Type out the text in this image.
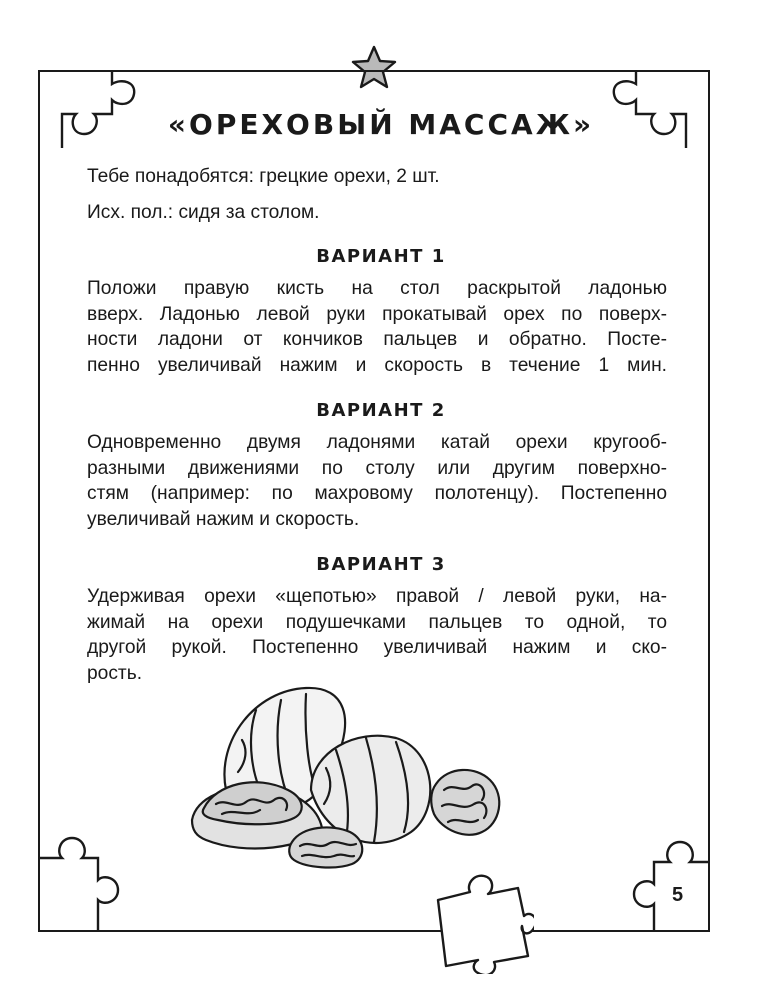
«ОРЕХОВЫЙ МАССАЖ»
Тебе понадобятся: грецкие орехи, 2 шт.
Исх. пол.: сидя за столом.
ВАРИАНТ 1
Положи правую кисть на стол раскрытой ладонью
вверх. Ладонью левой руки прокатывай орех по поверх-
ности ладони от кончиков пальцев и обратно. Посте-
пенно увеличивай нажим и скорость в течение 1 мин.
ВАРИАНТ 2
Одновременно двумя ладонями катай орехи кругооб-
разными движениями по столу или другим поверхно-
стям (например: по махровому полотенцу). Постепенно
увеличивай нажим и скорость.
ВАРИАНТ 3
Удерживая орехи «щепотью» правой / левой руки, на-
жимай на орехи подушечками пальцев то одной, то
другой рукой. Постепенно увеличивай нажим и ско-
рость.
5
